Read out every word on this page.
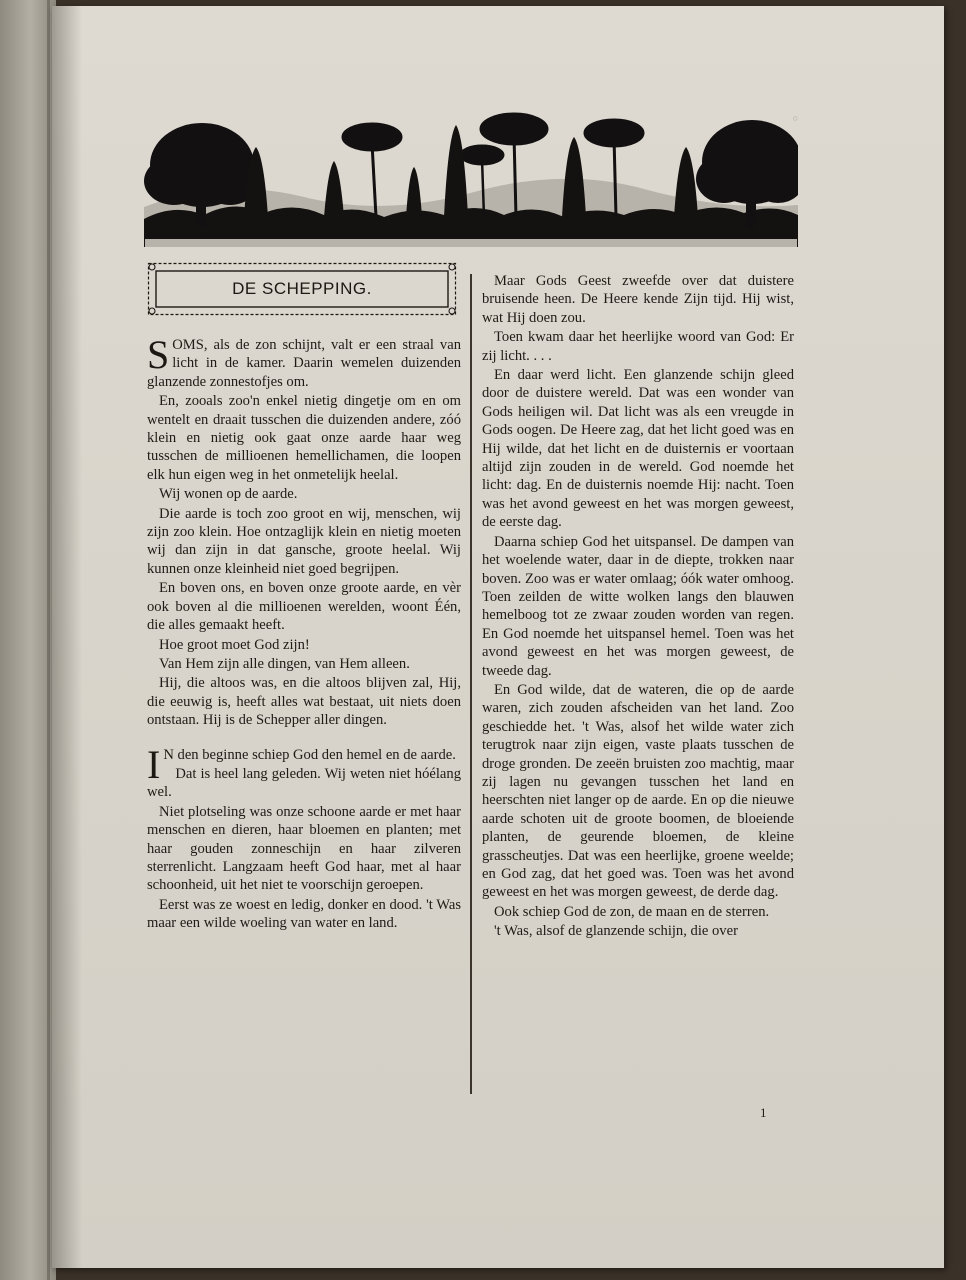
◦
DE SCHEPPING.

SOMS, als de zon schijnt, valt er een straal van licht in de kamer. Daarin wemelen duizenden glanzende zonnestofjes om.

En, zooals zoo'n enkel nietig dingetje om en om wentelt en draait tusschen die duizenden andere, zóó klein en nietig ook gaat onze aarde haar weg tusschen de millioenen hemellichamen, die loopen elk hun eigen weg in het onmetelijk heelal.

Wij wonen op de aarde.

Die aarde is toch zoo groot en wij, menschen, wij zijn zoo klein. Hoe ontzaglijk klein en nietig moeten wij dan zijn in dat gansche, groote heelal. Wij kunnen onze kleinheid niet goed begrijpen.

En boven ons, en boven onze groote aarde, en vèr ook boven al die millioenen werelden, woont Één, die alles gemaakt heeft.

Hoe groot moet God zijn!

Van Hem zijn alle dingen, van Hem alleen.

Hij, die altoos was, en die altoos blijven zal, Hij, die eeuwig is, heeft alles wat bestaat, uit niets doen ontstaan. Hij is de Schepper aller dingen.

I N den beginne schiep God den hemel en de aarde.

Dat is heel lang geleden. Wij weten niet hóélang wel.

Niet plotseling was onze schoone aarde er met haar menschen en dieren, haar bloemen en planten; met haar gouden zonneschijn en haar zilveren sterrenlicht. Langzaam heeft God haar, met al haar schoonheid, uit het niet te voorschijn geroepen.

Eerst was ze woest en ledig, donker en dood. 't Was maar een wilde woeling van water en land.

Maar Gods Geest zweefde over dat duistere bruisende heen. De Heere kende Zijn tijd. Hij wist, wat Hij doen zou.

Toen kwam daar het heerlijke woord van God: Er zij licht. . . .

En daar werd licht. Een glanzende schijn gleed door de duistere wereld. Dat was een wonder van Gods heiligen wil. Dat licht was als een vreugde in Gods oogen. De Heere zag, dat het licht goed was en Hij wilde, dat het licht en de duisternis er voortaan altijd zijn zouden in de wereld. God noemde het licht: dag. En de duisternis noemde Hij: nacht. Toen was het avond geweest en het was morgen geweest, de eerste dag.

Daarna schiep God het uitspansel. De dampen van het woelende water, daar in de diepte, trokken naar boven. Zoo was er water omlaag; óók water omhoog. Toen zeilden de witte wolken langs den blauwen hemelboog tot ze zwaar zouden worden van regen. En God noemde het uitspansel hemel. Toen was het avond geweest en het was morgen geweest, de tweede dag.

En God wilde, dat de wateren, die op de aarde waren, zich zouden afscheiden van het land. Zoo geschiedde het. 't Was, alsof het wilde water zich terugtrok naar zijn eigen, vaste plaats tusschen de droge gronden. De zeeën bruisten zoo machtig, maar zij lagen nu gevangen tusschen het land en heerschten niet langer op de aarde. En op die nieuwe aarde schoten uit de groote boomen, de bloeiende planten, de geurende bloemen, de kleine grasscheutjes. Dat was een heerlijke, groene weelde; en God zag, dat het goed was. Toen was het avond geweest en het was morgen geweest, de derde dag.

Ook schiep God de zon, de maan en de sterren.

't Was, alsof de glanzende schijn, die over

1
